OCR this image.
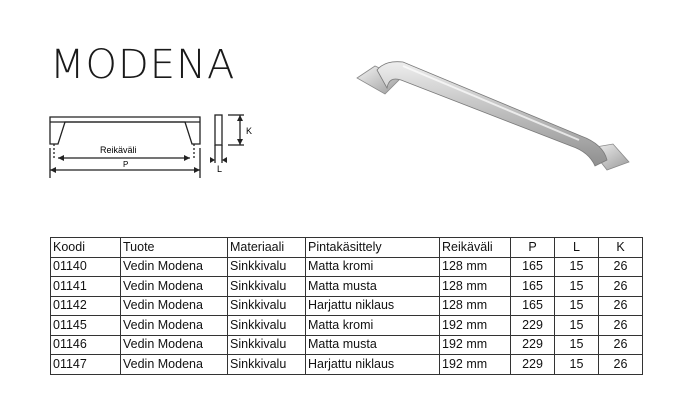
MODENA
Reikäväli
P
K
L
Koodi	Tuote	Materiaali	Pintakäsittely	Reikäväli	P	L	K
01140	Vedin Modena	Sinkkivalu	Matta kromi	128 mm	165	15	26
01141	Vedin Modena	Sinkkivalu	Matta musta	128 mm	165	15	26
01142	Vedin Modena	Sinkkivalu	Harjattu niklaus	128 mm	165	15	26
01145	Vedin Modena	Sinkkivalu	Matta kromi	192 mm	229	15	26
01146	Vedin Modena	Sinkkivalu	Matta musta	192 mm	229	15	26
01147	Vedin Modena	Sinkkivalu	Harjattu niklaus	192 mm	229	15	26
